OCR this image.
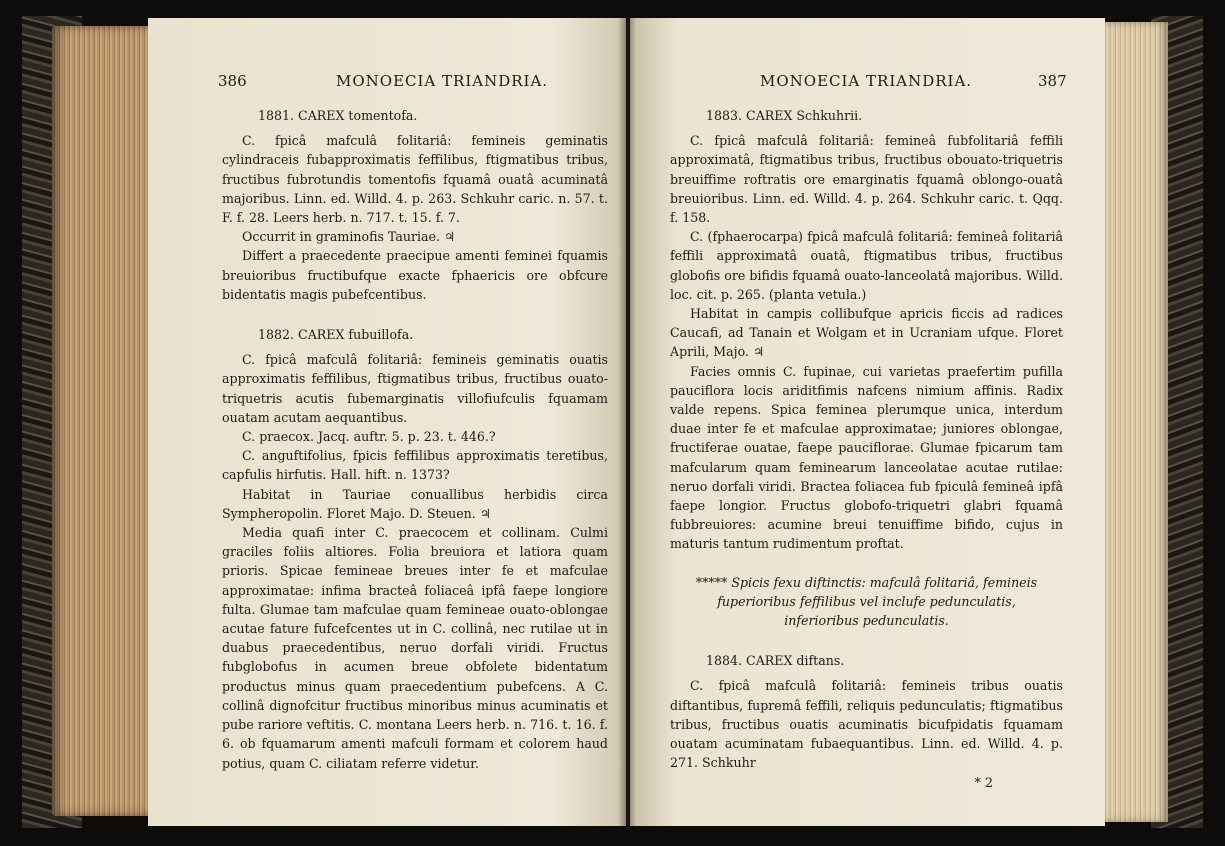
386	MONOECIA TRIANDRIA.

1881. CAREX tomentofa.

C. fpicâ mafculâ folitariâ: femineis geminatis cylindraceis fubapproximatis feffilibus, ftigmatibus tribus, fructibus fubrotundis tomentofis fquamâ ouatâ acuminatâ majoribus. Linn. ed. Willd. 4. p. 263. Schkuhr caric. n. 57. t. F. f. 28. Leers herb. n. 717. t. 15. f. 7.

Occurrit in graminofis Tauriae. ♃

Differt a praecedente praecipue amenti feminei fquamis breuioribus fructibufque exacte fphaericis ore obfcure bidentatis magis pubefcentibus.

1882. CAREX fubuillofa.

C. fpicâ mafculâ folitariâ: femineis geminatis ouatis approximatis feffilibus, ftigmatibus tribus, fructibus ouato-triquetris acutis fubemarginatis villofiufculis fquamam ouatam acutam aequantibus.

C. praecox. Jacq. auftr. 5. p. 23. t. 446.?

C. anguftifolius, fpicis feffilibus approximatis teretibus, capfulis hirfutis. Hall. hift. n. 1373?

Habitat in Tauriae conuallibus herbidis circa Sympheropolin. Floret Majo. D. Steuen. ♃

Media quafi inter C. praecocem et collinam. Culmi graciles foliis altiores. Folia breuiora et latiora quam prioris. Spicae femineae breues inter fe et mafculae approximatae: infima bracteâ foliaceâ ipfâ faepe longiore fulta. Glumae tam mafculae quam femineae ouato-oblongae acutae fature fufcefcentes ut in C. collinâ, nec rutilae ut in duabus praecedentibus, neruo dorfali viridi. Fructus fubglobofus in acumen breue obfolete bidentatum productus minus quam praecedentium pubefcens. A C. collinâ dignofcitur fructibus minoribus minus acuminatis et pube rariore veftitis. C. montana Leers herb. n. 716. t. 16. f. 6. ob fquamarum amenti mafculi formam et colorem haud potius, quam C. ciliatam referre videtur.

MONOECIA TRIANDRIA.	387

1883. CAREX Schkuhrii.

C. fpicâ mafculâ folitariâ: femineâ fubfolitariâ feffili approximatâ, ftigmatibus tribus, fructibus obouato-triquetris breuiffime roftratis ore emarginatis fquamâ oblongo-ouatâ breuioribus. Linn. ed. Willd. 4. p. 264. Schkuhr caric. t. Qqq. f. 158.

C. (fphaerocarpa) fpicâ mafculâ folitariâ: femineâ folitariâ feffili approximatâ ouatâ, ftigmatibus tribus, fructibus globofis ore bifidis fquamâ ouato-lanceolatâ majoribus. Willd. loc. cit. p. 265. (planta vetula.)

Habitat in campis collibufque apricis ficcis ad radices Caucafi, ad Tanain et Wolgam et in Ucraniam ufque. Floret Aprili, Majo. ♃

Facies omnis C. fupinae, cui varietas praefertim pufilla pauciflora locis ariditfimis nafcens nimium affinis. Radix valde repens. Spica feminea plerumque unica, interdum duae inter fe et mafculae approximatae; juniores oblongae, fructiferae ouatae, faepe pauciflorae. Glumae fpicarum tam mafcularum quam feminearum lanceolatae acutae rutilae: neruo dorfali viridi. Bractea foliacea fub fpiculâ femineâ ipfâ faepe longior. Fructus globofo-triquetri glabri fquamâ fubbreuiores: acumine breui tenuiffime bifido, cujus in maturis tantum rudimentum proftat.

***** Spicis fexu diftinctis: mafculâ folitariâ, femineis fuperioribus feffilibus vel inclufe pedunculatis, inferioribus pedunculatis.

1884. CAREX diftans.

C. fpicâ mafculâ folitariâ: femineis tribus ouatis diftantibus, fupremâ feffili, reliquis pedunculatis; ftigmatibus tribus, fructibus ouatis acuminatis bicufpidatis fquamam ouatam acuminatam fubaequantibus. Linn. ed. Willd. 4. p. 271. Schkuhr

* 2
